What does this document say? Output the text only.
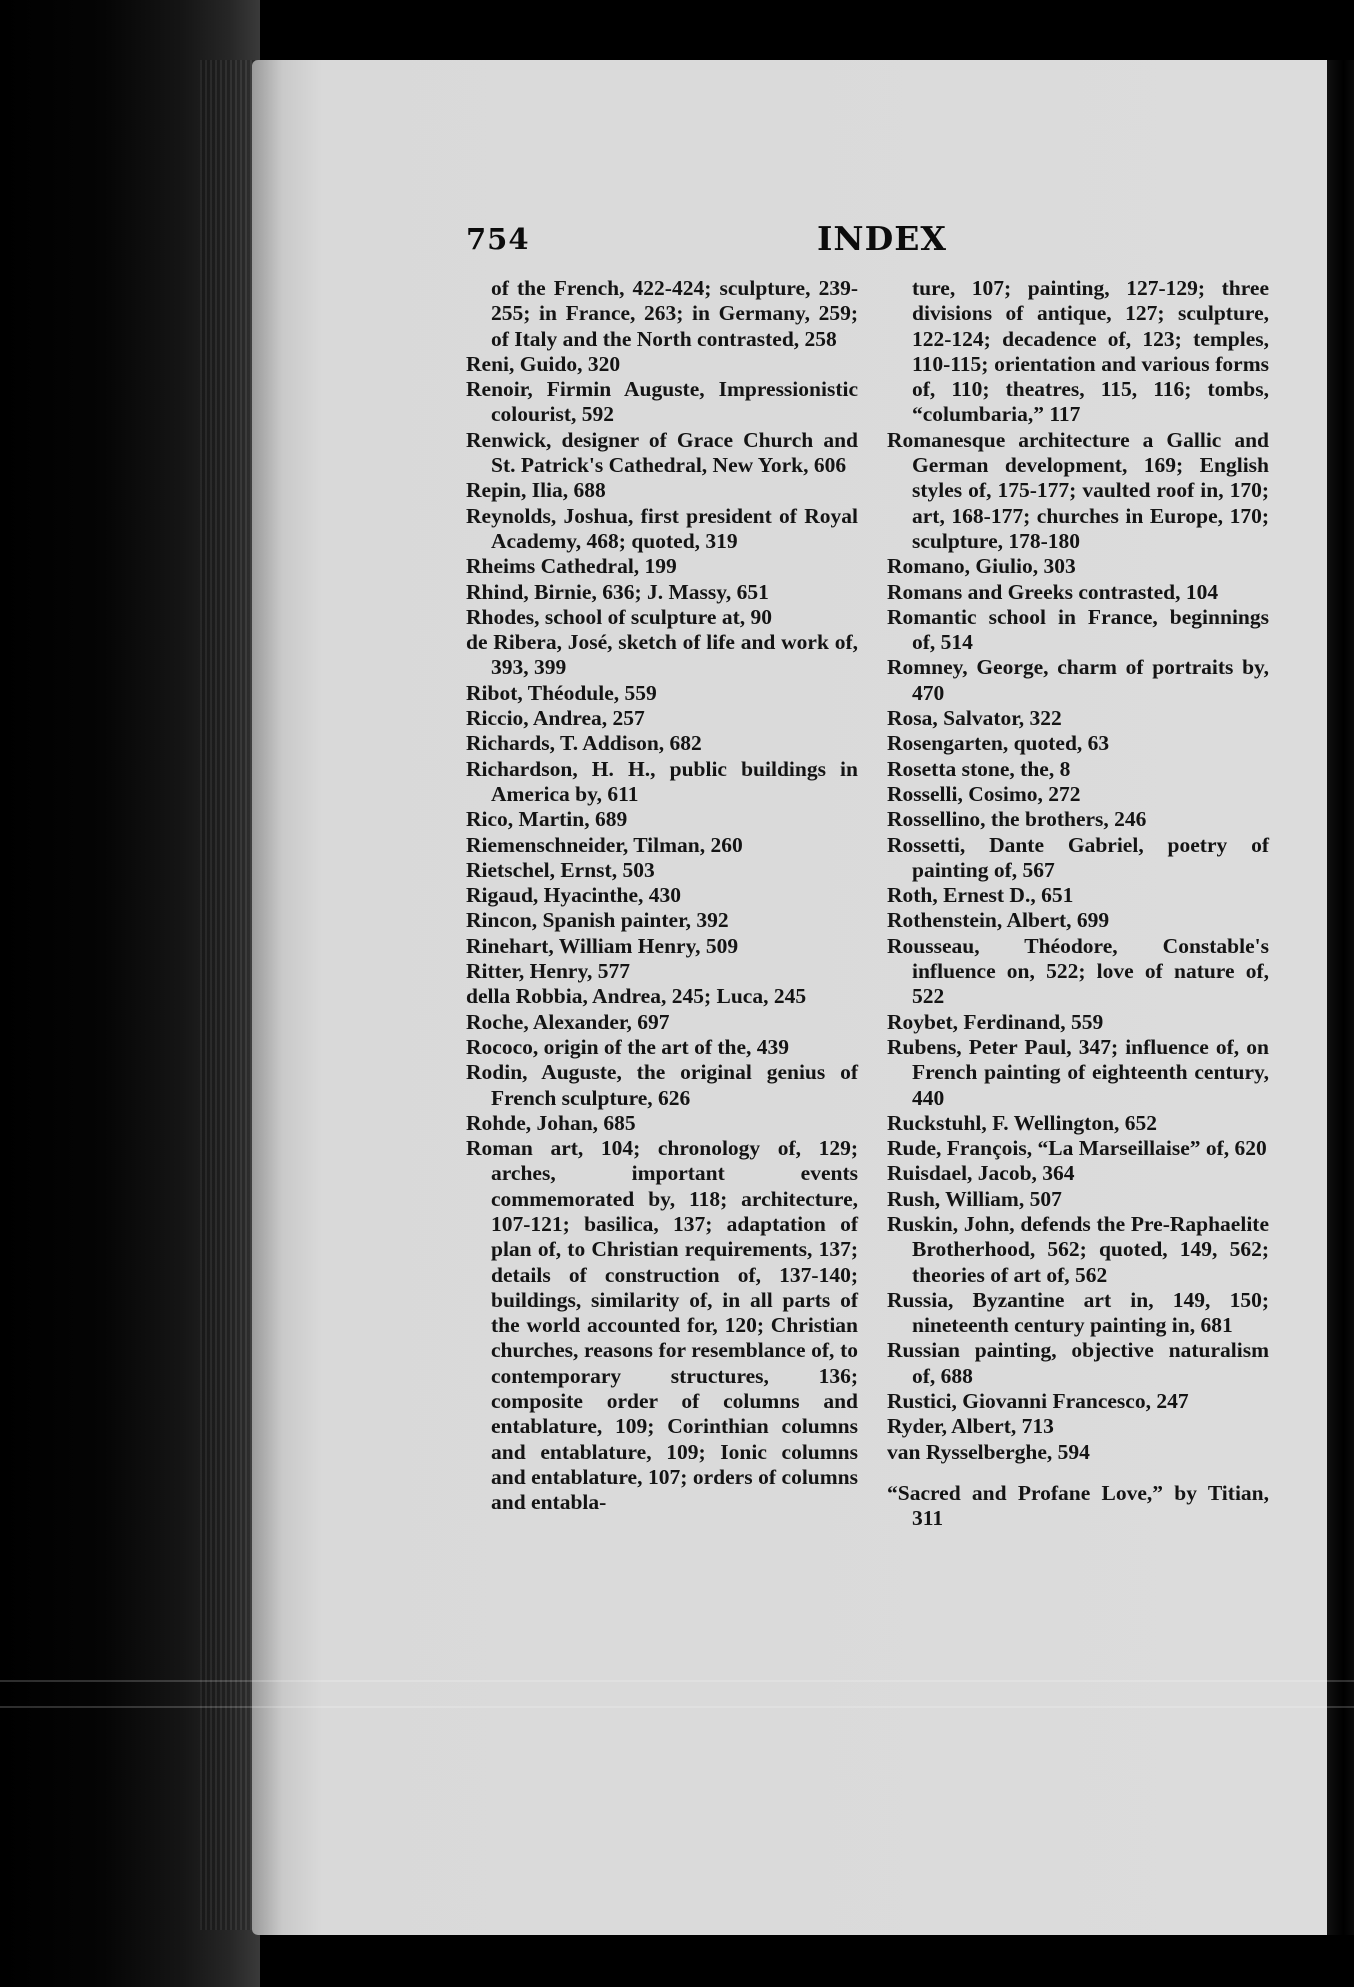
754	INDEX

of the French, 422-424; sculpture, 239-255; in France, 263; in Germany, 259; of Italy and the North contrasted, 258

Reni, Guido, 320

Renoir, Firmin Auguste, Impressionistic colourist, 592

Renwick, designer of Grace Church and St. Patrick's Cathedral, New York, 606

Repin, Ilia, 688

Reynolds, Joshua, first president of Royal Academy, 468; quoted, 319

Rheims Cathedral, 199

Rhind, Birnie, 636; J. Massy, 651

Rhodes, school of sculpture at, 90

de Ribera, José, sketch of life and work of, 393, 399

Ribot, Théodule, 559

Riccio, Andrea, 257

Richards, T. Addison, 682

Richardson, H. H., public buildings in America by, 611

Rico, Martin, 689

Riemenschneider, Tilman, 260

Rietschel, Ernst, 503

Rigaud, Hyacinthe, 430

Rincon, Spanish painter, 392

Rinehart, William Henry, 509

Ritter, Henry, 577

della Robbia, Andrea, 245; Luca, 245

Roche, Alexander, 697

Rococo, origin of the art of the, 439

Rodin, Auguste, the original genius of French sculpture, 626

Rohde, Johan, 685

Roman art, 104; chronology of, 129; arches, important events commemorated by, 118; architecture, 107-121; basilica, 137; adaptation of plan of, to Christian requirements, 137; details of construction of, 137-140; buildings, similarity of, in all parts of the world accounted for, 120; Christian churches, reasons for resemblance of, to contemporary structures, 136; composite order of columns and entablature, 109; Corinthian columns and entablature, 109; Ionic columns and entablature, 107; orders of columns and entabla-

ture, 107; painting, 127-129; three divisions of antique, 127; sculpture, 122-124; decadence of, 123; temples, 110-115; orientation and various forms of, 110; theatres, 115, 116; tombs, “columbaria,” 117

Romanesque architecture a Gallic and German development, 169; English styles of, 175-177; vaulted roof in, 170; art, 168-177; churches in Europe, 170; sculpture, 178-180

Romano, Giulio, 303

Romans and Greeks contrasted, 104

Romantic school in France, beginnings of, 514

Romney, George, charm of portraits by, 470

Rosa, Salvator, 322

Rosengarten, quoted, 63

Rosetta stone, the, 8

Rosselli, Cosimo, 272

Rossellino, the brothers, 246

Rossetti, Dante Gabriel, poetry of painting of, 567

Roth, Ernest D., 651

Rothenstein, Albert, 699

Rousseau, Théodore, Constable's influence on, 522; love of nature of, 522

Roybet, Ferdinand, 559

Rubens, Peter Paul, 347; influence of, on French painting of eighteenth century, 440

Ruckstuhl, F. Wellington, 652

Rude, François, “La Marseillaise” of, 620

Ruisdael, Jacob, 364

Rush, William, 507

Ruskin, John, defends the Pre-Raphaelite Brotherhood, 562; quoted, 149, 562; theories of art of, 562

Russia, Byzantine art in, 149, 150; nineteenth century painting in, 681

Russian painting, objective naturalism of, 688

Rustici, Giovanni Francesco, 247

Ryder, Albert, 713

van Rysselberghe, 594

“Sacred and Profane Love,” by Titian, 311
